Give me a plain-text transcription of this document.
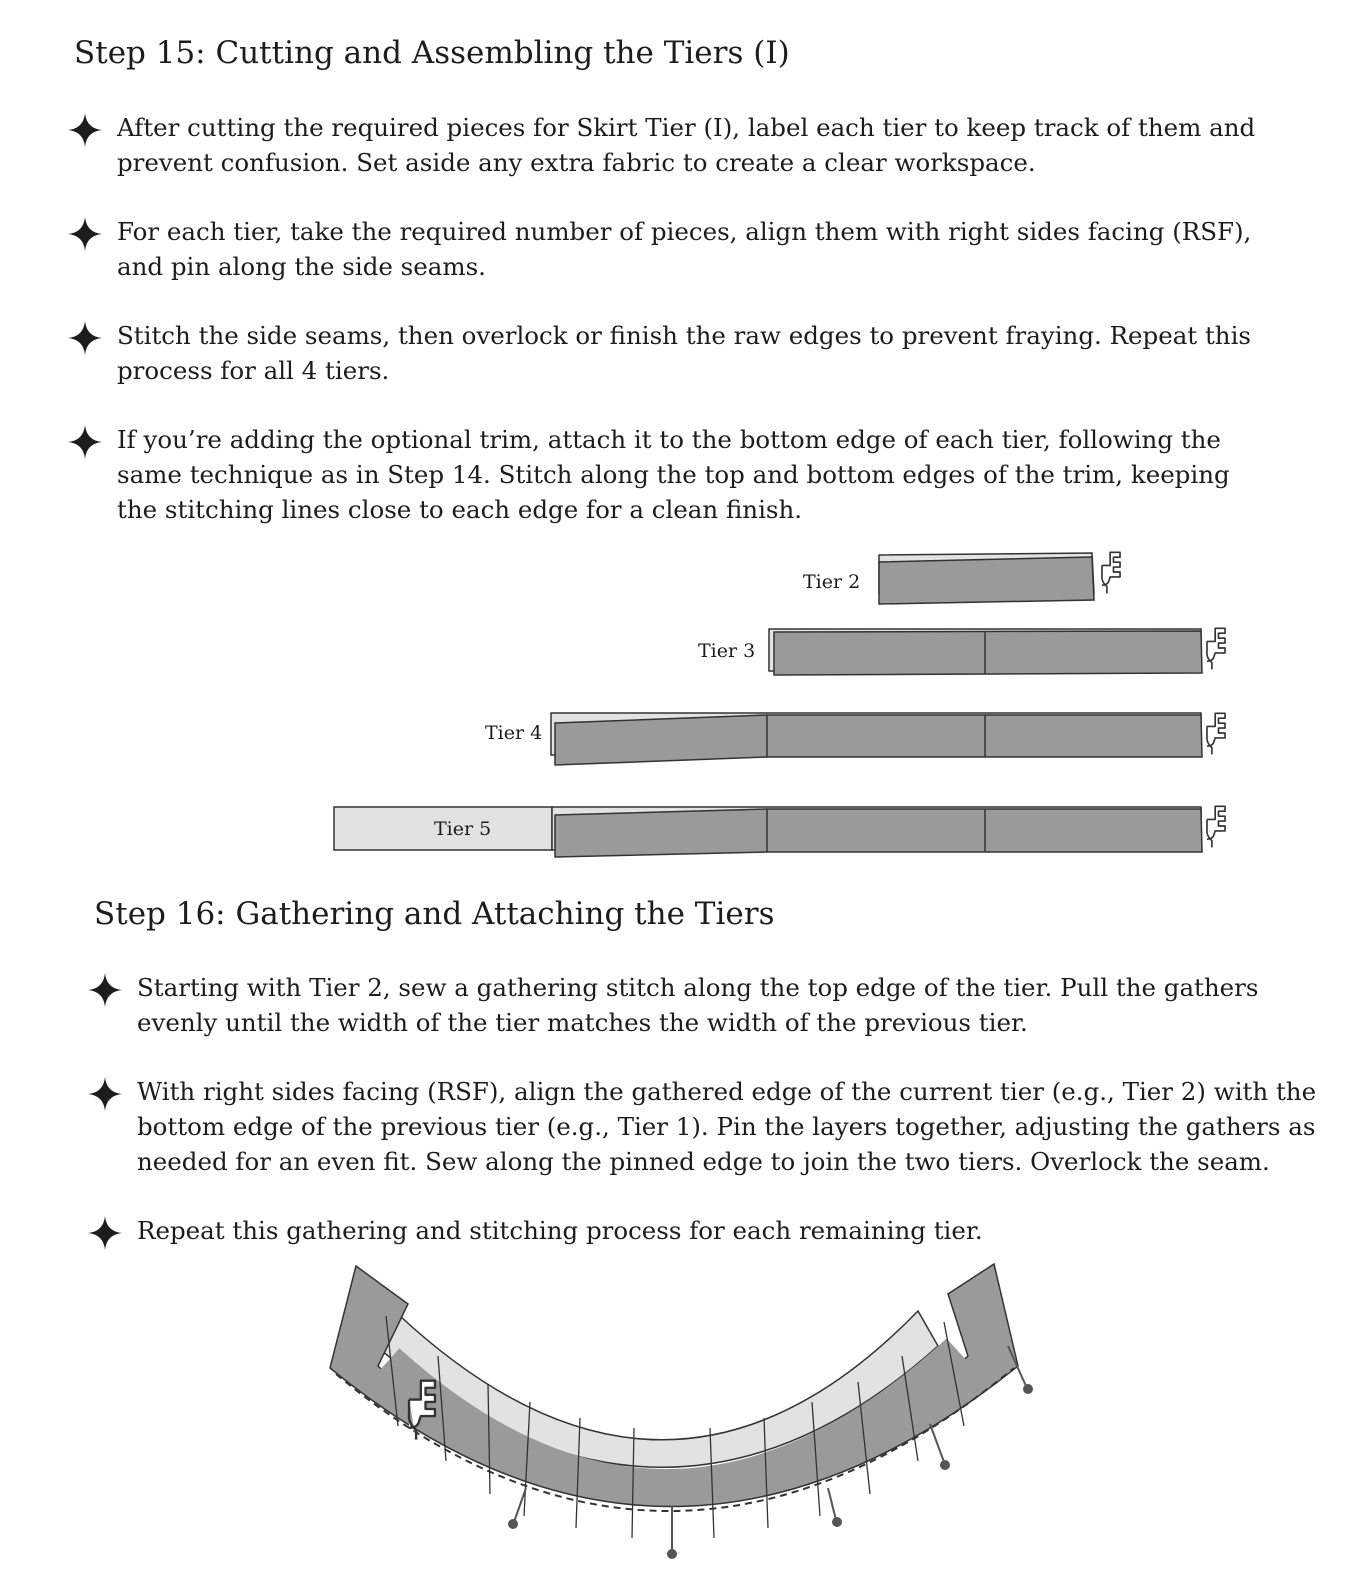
Step 15: Cutting and Assembling the Tiers (I)
After cutting the required pieces for Skirt Tier (I), label each tier to keep track of them and prevent confusion. Set aside any extra fabric to create a clear workspace.
For each tier, take the required number of pieces, align them with right sides facing (RSF), and pin along the side seams.
Stitch the side seams, then overlock or finish the raw edges to prevent fraying. Repeat this process for all 4 tiers.
If you’re adding the optional trim, attach it to the bottom edge of each tier, following the same technique as in Step 14. Stitch along the top and bottom edges of the trim, keeping the stitching lines close to each edge for a clean finish.
Tier 2
Tier 3
Tier 4
Tier 5
Step 16: Gathering and Attaching the Tiers
Starting with Tier 2, sew a gathering stitch along the top edge of the tier. Pull the gathers evenly until the width of the tier matches the width of the previous tier.
With right sides facing (RSF), align the gathered edge of the current tier (e.g., Tier 2) with the bottom edge of the previous tier (e.g., Tier 1). Pin the layers together, adjusting the gathers as needed for an even fit. Sew along the pinned edge to join the two tiers. Overlock the seam.
Repeat this gathering and stitching process for each remaining tier.
